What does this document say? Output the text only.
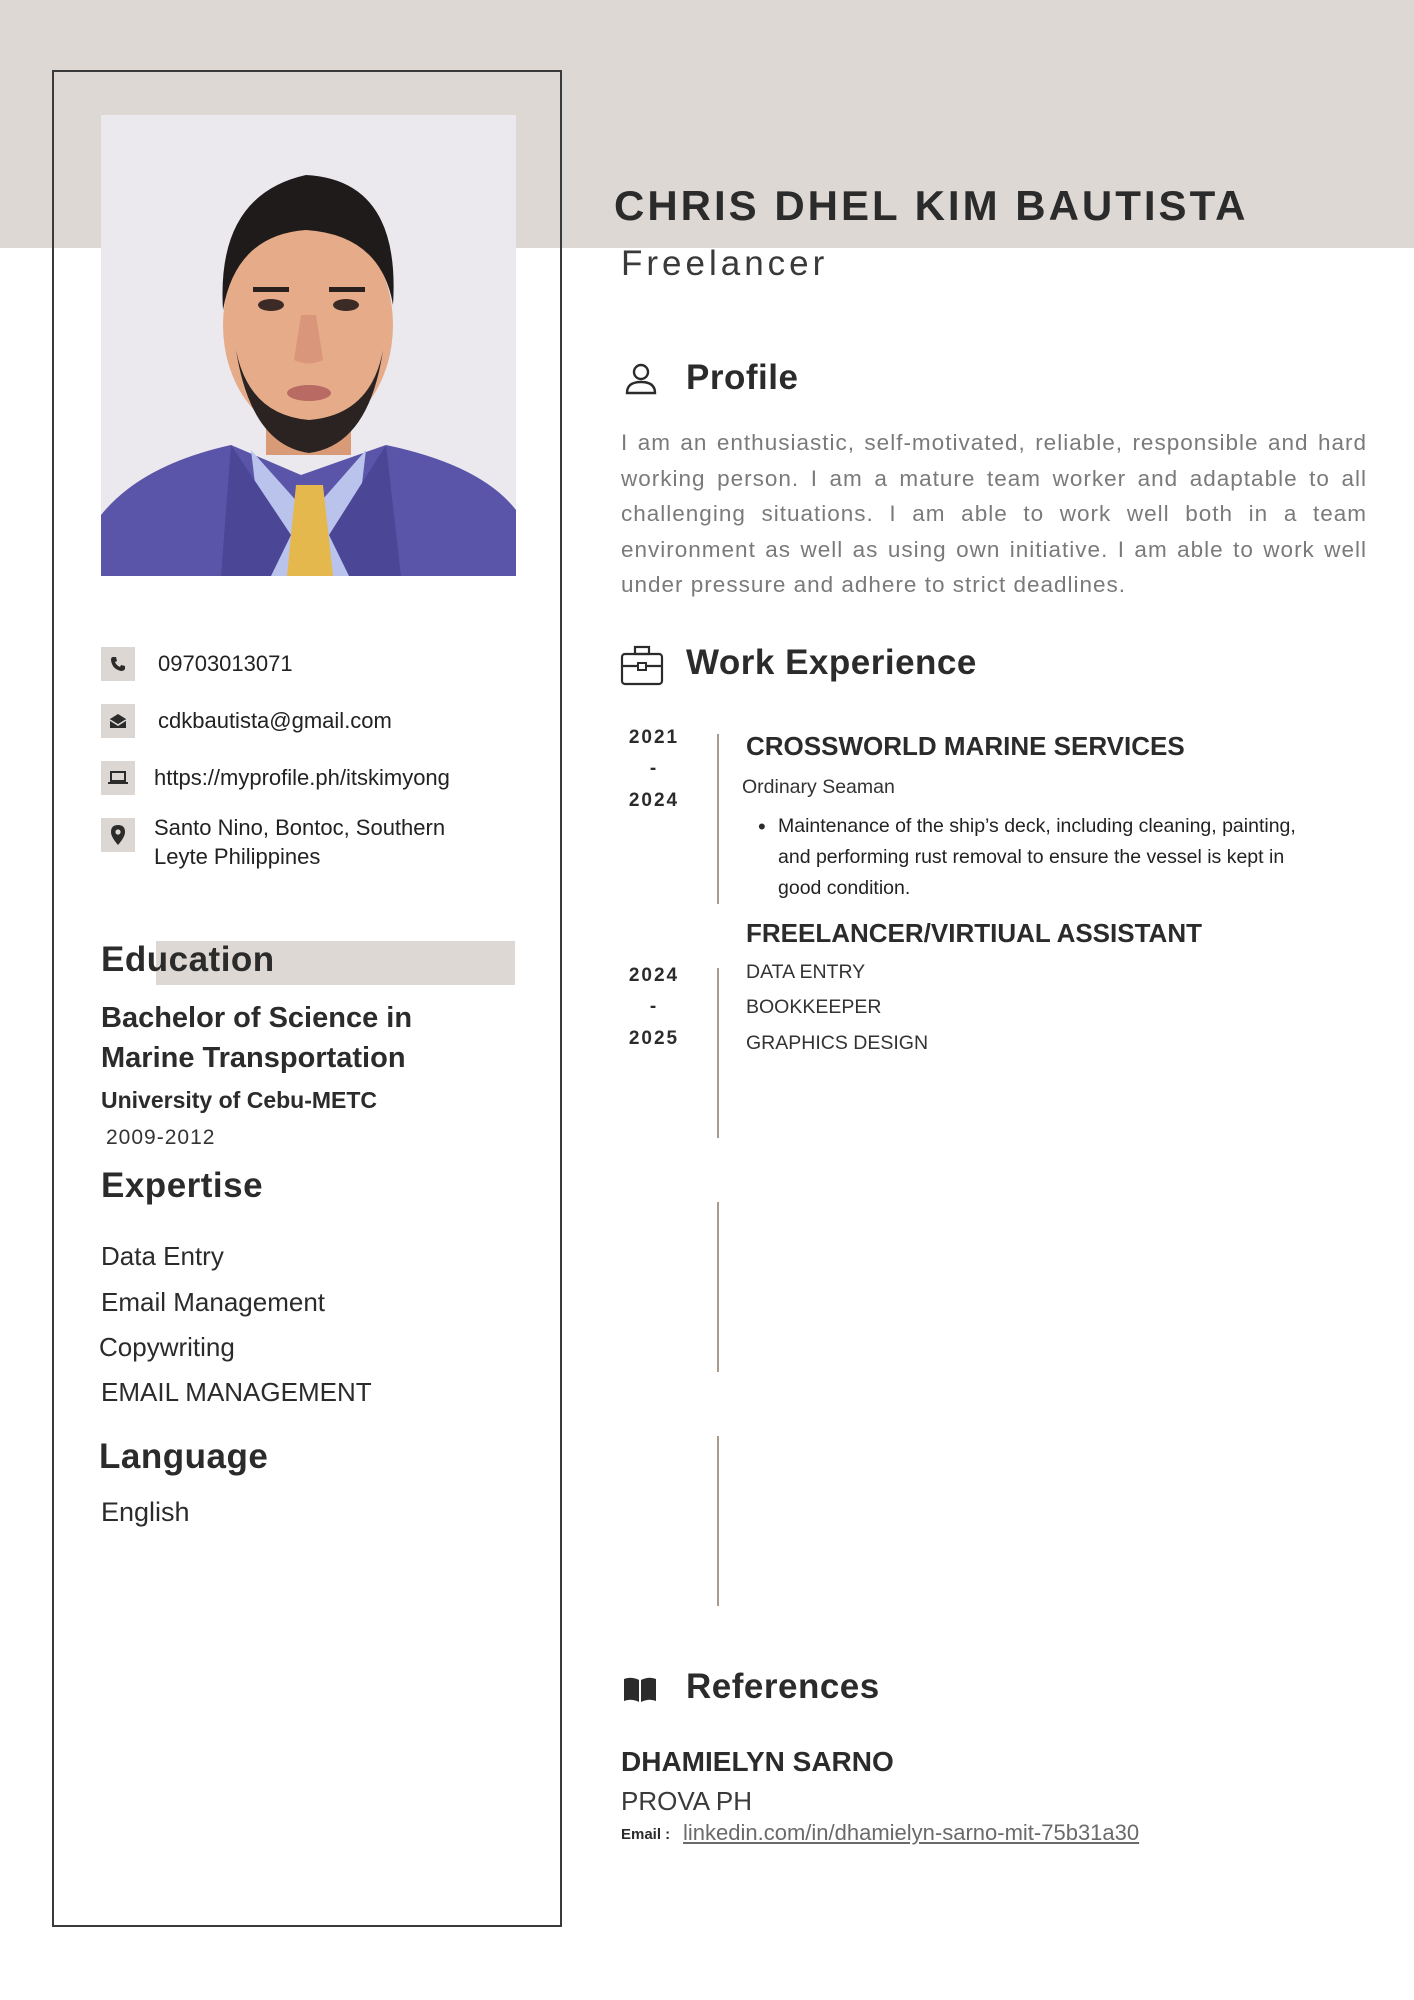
09703013071
cdkbautista@gmail.com
https://myprofile.ph/itskimyong
Santo Nino, Bontoc, Southern
Leyte Philippines
Education
Bachelor of Science in
Marine Transportation
University of Cebu-METC
2009-2012
Expertise
Data Entry
Email Management
Copywriting
EMAIL MANAGEMENT
Language
English
CHRIS DHEL KIM BAUTISTA
Freelancer
Profile
I am an enthusiastic, self-motivated, reliable, responsible and hard working person. I am a mature team worker and adaptable to all challenging situations. I am able to work well both in a team environment as well as using own initiative. I am able to work well under pressure and adhere to strict deadlines.
Work Experience
2021
-
2024
CROSSWORLD MARINE SERVICES
Ordinary Seaman
• Maintenance of the ship’s deck, including cleaning, painting, and performing rust removal to ensure the vessel is kept in good condition.
FREELANCER/VIRTIUAL ASSISTANT
2024
-
2025
DATA ENTRY
BOOKKEEPER
GRAPHICS DESIGN
References
DHAMIELYN SARNO
PROVA PH
Email : linkedin.com/in/dhamielyn-sarno-mit-75b31a30
